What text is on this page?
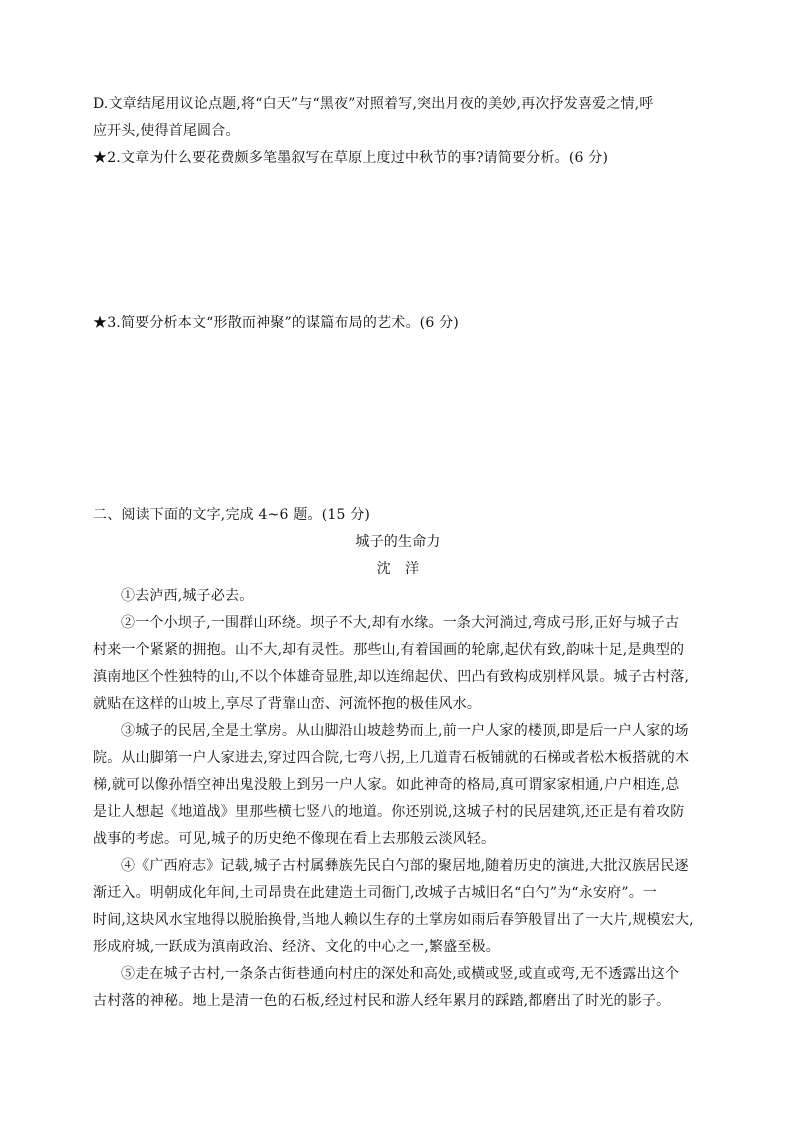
D.文章结尾用议论点题,将“白天”与“黑夜”对照着写,突出月夜的美妙,再次抒发喜爱之情,呼
应开头,使得首尾圆合。
★2.文章为什么要花费颇多笔墨叙写在草原上度过中秋节的事?请简要分析。(6 分)
★3.简要分析本文“形散而神聚”的谋篇布局的艺术。(6 分)
二、阅读下面的文字,完成 4~6 题。(15 分)
城子的生命力
沈　洋
①去泸西,城子必去。
②一个小坝子,一围群山环绕。坝子不大,却有水缘。一条大河淌过,弯成弓形,正好与城子古
村来一个紧紧的拥抱。山不大,却有灵性。那些山,有着国画的轮廓,起伏有致,韵味十足,是典型的
滇南地区个性独特的山,不以个体雄奇显胜,却以连绵起伏、凹凸有致构成别样风景。城子古村落,
就贴在这样的山坡上,享尽了背靠山峦、河流怀抱的极佳风水。
③城子的民居,全是土掌房。从山脚沿山坡趁势而上,前一户人家的楼顶,即是后一户人家的场
院。从山脚第一户人家进去,穿过四合院,七弯八拐,上几道青石板铺就的石梯或者松木板搭就的木
梯,就可以像孙悟空神出鬼没般上到另一户人家。如此神奇的格局,真可谓家家相通,户户相连,总
是让人想起《地道战》里那些横七竖八的地道。你还别说,这城子村的民居建筑,还正是有着攻防
战事的考虑。可见,城子的历史绝不像现在看上去那般云淡风轻。
④《广西府志》记载,城子古村属彝族先民白勺部的聚居地,随着历史的演进,大批汉族居民逐
渐迁入。明朝成化年间,土司昂贵在此建造土司衙门,改城子古城旧名“白勺”为“永安府”。一
时间,这块风水宝地得以脱胎换骨,当地人赖以生存的土掌房如雨后春笋般冒出了一大片,规模宏大,
形成府城,一跃成为滇南政治、经济、文化的中心之一,繁盛至极。
⑤走在城子古村,一条条古街巷通向村庄的深处和高处,或横或竖,或直或弯,无不透露出这个
古村落的神秘。地上是清一色的石板,经过村民和游人经年累月的踩踏,都磨出了时光的影子。
